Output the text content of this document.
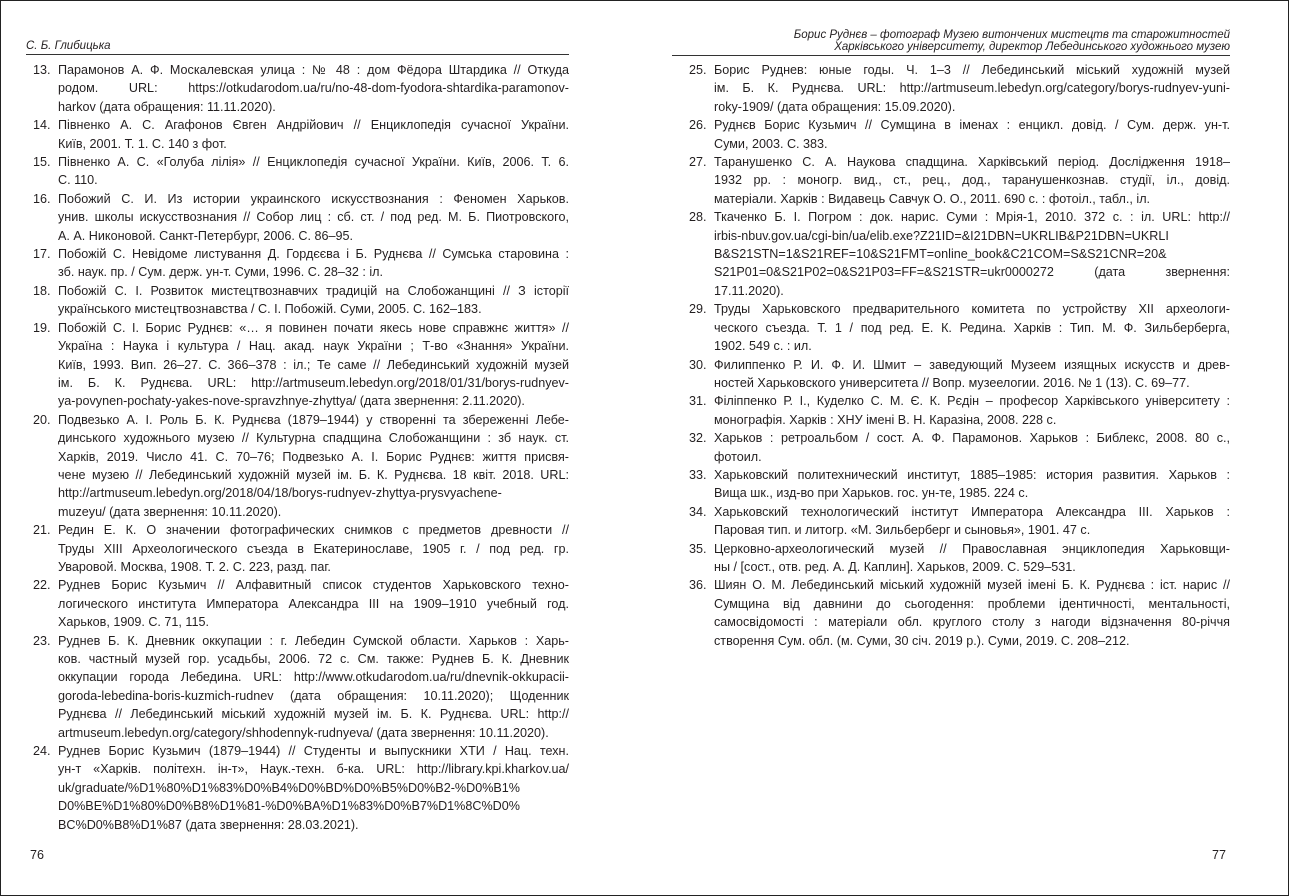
С. Б. Глибицька
13. Парамонов А. Ф. Москалевская улица : № 48 : дом Фёдора Штардика // Откуда
родом. URL: https://otkudarodom.ua/ru/no-48-dom-fyodora-shtardika-paramonov-
harkov (дата обращения: 11.11.2020).
14. Півненко А. С. Агафонов Євген Андрійович // Енциклопедія сучасної України.
Київ, 2001. Т. 1. С. 140 з фот.
15. Півненко А. С. «Голуба лілія» // Енциклопедія сучасної України. Київ, 2006. Т. 6.
С. 110.
16. Побожий С. И. Из истории украинского искусствознания : Феномен Харьков.
унив. школы искусствознания // Собор лиц : сб. ст. / под ред. М. Б. Пиотровского,
А. А. Никоновой. Санкт-Петербург, 2006. С. 86–95.
17. Побожій С. Невідоме листування Д. Гордєєва і Б. Руднєва // Сумська старовина :
зб. наук. пр. / Сум. держ. ун-т. Суми, 1996. С. 28–32 : іл.
18. Побожій С. І. Розвиток мистецтвознавчих традицій на Слобожанщині // З історії
українського мистецтвознавства / С. І. Побожій. Суми, 2005. С. 162–183.
19. Побожій С. І. Борис Руднєв: «… я повинен почати якесь нове справжнє життя» //
Україна : Наука і культура / Нац. акад. наук України ; Т-во «Знання» України.
Київ, 1993. Вип. 26–27. С. 366–378 : іл.; Те саме // Лебединський художній музей
ім. Б. К. Руднєва. URL: http://artmuseum.lebedyn.org/2018/01/31/borys-rudnyev-
ya-povynen-pochaty-yakes-nove-spravzhnye-zhyttya/ (дата звернення: 2.11.2020).
20. Подвезько А. І. Роль Б. К. Руднєва (1879–1944) у створенні та збереженні Лебе-
динського художнього музею // Культурна спадщина Слобожанщини : зб наук. ст.
Харків, 2019. Число 41. С. 70–76; Подвезько А. І. Борис Руднєв: життя присвя-
чене музею // Лебединський художній музей ім. Б. К. Руднєва. 18 квіт. 2018. URL:
http://artmuseum.lebedyn.org/2018/04/18/borys-rudnyev-zhyttya-prysvyachene-
muzeyu/ (дата звернення: 10.11.2020).
21. Редин Е. К. О значении фотографических снимков с предметов древности //
Труды XIII Археологического съезда в Екатеринославе, 1905 г. / под ред. гр.
Уваровой. Москва, 1908. Т. 2. С. 223, разд. паг.
22. Руднев Борис Кузьмич // Алфавитный список студентов Харьковского техно-
логического института Императора Александра III на 1909–1910 учебный год.
Харьков, 1909. С. 71, 115.
23. Руднев Б. К. Дневник оккупации : г. Лебедин Сумской области. Харьков : Харь-
ков. частный музей гор. усадьбы, 2006. 72 с. См. также: Руднев Б. К. Дневник
оккупации города Лебедина. URL: http://www.otkudarodom.ua/ru/dnevnik-okkupacii-
goroda-lebedina-boris-kuzmich-rudnev (дата обращения: 10.11.2020); Щоденник
Руднєва // Лебединський міський художній музей ім. Б. К. Руднєва. URL: http://
artmuseum.lebedyn.org/category/shhodennyk-rudnyeva/ (дата звернення: 10.11.2020).
24. Руднев Борис Кузьмич (1879–1944) // Студенты и выпускники ХТИ / Нац. техн.
ун-т «Харків. політехн. ін-т», Наук.-техн. б-ка. URL: http://library.kpi.kharkov.ua/
uk/graduate/%D1%80%D1%83%D0%B4%D0%BD%D0%B5%D0%B2-%D0%B1%
D0%BE%D1%80%D0%B8%D1%81-%D0%BA%D1%83%D0%B7%D1%8C%D0%
BC%D0%B8%D1%87 (дата звернення: 28.03.2021).
76
Борис Руднєв – фотограф Музею витончених мистецтв та старожитностей
Харківського університету, директор Лебединського художнього музею
25. Борис Руднев: юные годы. Ч. 1–3 // Лебединський міський художній музей
ім. Б. К. Руднєва. URL: http://artmuseum.lebedyn.org/category/borys-rudnyev-yuni-
roky-1909/ (дата обращения: 15.09.2020).
26. Руднєв Борис Кузьмич // Сумщина в іменах : енцикл. довід. / Сум. держ. ун-т.
Суми, 2003. С. 383.
27. Таранушенко С. А. Наукова спадщина. Харківський період. Дослідження 1918–
1932 рр. : моногр. вид., ст., рец., дод., таранушенкознав. студії, іл., довід.
матеріали. Харків : Видавець Савчук О. О., 2011. 690 с. : фотоіл., табл., іл.
28. Ткаченко Б. І. Погром : док. нарис. Суми : Мрія-1, 2010. 372 с. : іл. URL: http://
irbis-nbuv.gov.ua/cgi-bin/ua/elib.exe?Z21ID=&I21DBN=UKRLIB&P21DBN=UKRLI
B&S21STN=1&S21REF=10&S21FMT=online_book&C21COM=S&S21CNR=20&
S21P01=0&S21P02=0&S21P03=FF=&S21STR=ukr0000272 (дата звернення:
17.11.2020).
29. Труды Харьковского предварительного комитета по устройству XII археологи-
ческого съезда. Т. 1 / под ред. Е. К. Редина. Харків : Тип. М. Ф. Зильберберга,
1902. 549 с. : ил.
30. Филиппенко Р. И. Ф. И. Шмит – заведующий Музеем изящных искусств и древ-
ностей Харьковского университета // Вопр. музеелогии. 2016. № 1 (13). С. 69–77.
31. Філіппенко Р. І., Куделко С. М. Є. К. Рєдін – професор Харківського університету :
монографія. Харків : ХНУ імені В. Н. Каразіна, 2008. 228 с.
32. Харьков : ретроальбом / сост. А. Ф. Парамонов. Харьков : Библекс, 2008. 80 с.,
фотоил.
33. Харьковский политехнический институт, 1885–1985: история развития. Харьков :
Вища шк., изд-во при Харьков. гос. ун-те, 1985. 224 с.
34. Харьковский технологический інститут Императора Александра III. Харьков :
Паровая тип. и литогр. «М. Зильберберг и сыновья», 1901. 47 с.
35. Церковно-археологический музей // Православная энциклопедия Харьковщи-
ны / [сост., отв. ред. А. Д. Каплин]. Харьков, 2009. С. 529–531.
36. Шиян О. М. Лебединський міський художній музей імені Б. К. Руднєва : іст. нарис //
Сумщина від давнини до сьогодення: проблеми ідентичності, ментальності,
самосвідомості : матеріали обл. круглого столу з нагоди відзначення 80-річчя
створення Сум. обл. (м. Суми, 30 січ. 2019 р.). Суми, 2019. С. 208–212.
77
